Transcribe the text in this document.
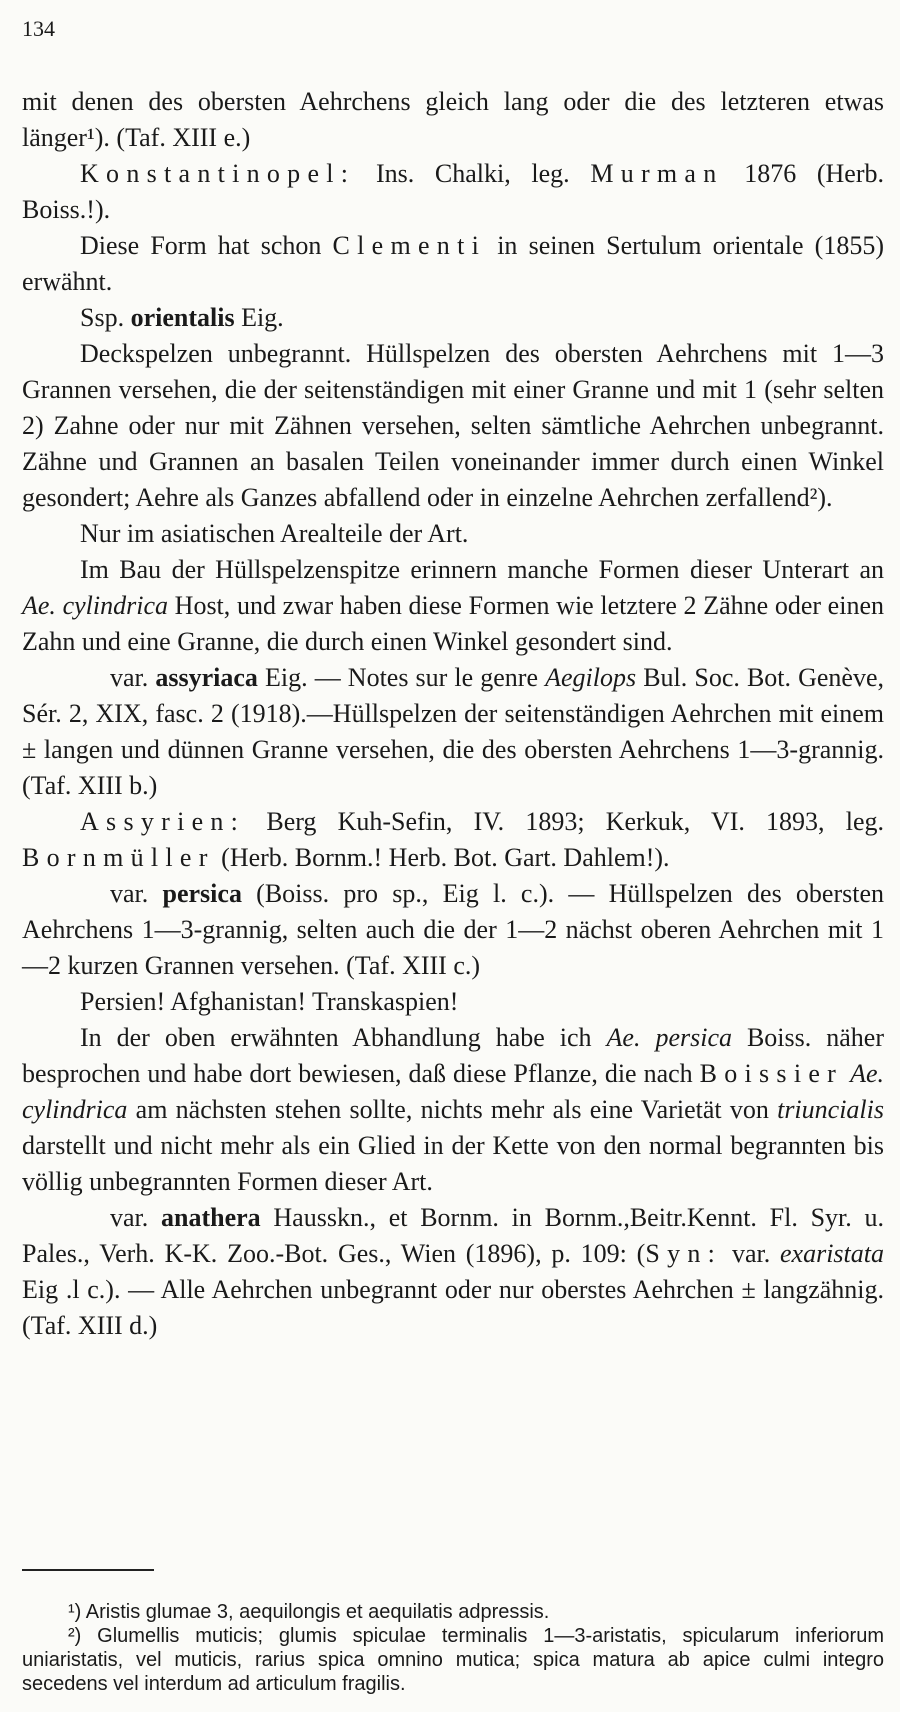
134

mit denen des obersten Aehrchens gleich lang oder die des letzteren etwas länger¹). (Taf. XIII e.)

Konstantinopel: Ins. Chalki, leg. Murman 1876 (Herb. Boiss.!).

Diese Form hat schon Clementi in seinen Sertulum orientale (1855) erwähnt.

Ssp. orientalis Eig.

Deckspelzen unbegrannt. Hüllspelzen des obersten Aehrchens mit 1—3 Grannen versehen, die der seitenständigen mit einer Granne und mit 1 (sehr selten 2) Zahne oder nur mit Zähnen versehen, selten sämtliche Aehrchen unbegrannt. Zähne und Grannen an basalen Teilen voneinander immer durch einen Winkel gesondert; Aehre als Ganzes abfallend oder in einzelne Aehrchen zerfallend²).

Nur im asiatischen Arealteile der Art.

Im Bau der Hüllspelzenspitze erinnern manche Formen dieser Unterart an Ae. cylindrica Host, und zwar haben diese Formen wie letztere 2 Zähne oder einen Zahn und eine Granne, die durch einen Winkel gesondert sind.

var. assyriaca Eig. — Notes sur le genre Aegilops Bul. Soc. Bot. Genève, Sér. 2, XIX, fasc. 2 (1918).—Hüllspelzen der seitenständigen Aehrchen mit einem ± langen und dünnen Granne versehen, die des obersten Aehrchens 1—3-grannig. (Taf. XIII b.)

Assyrien: Berg Kuh-Sefin, IV. 1893; Kerkuk, VI. 1893, leg. Bornmüller (Herb. Bornm.! Herb. Bot. Gart. Dahlem!).

var. persica (Boiss. pro sp., Eig l. c.). — Hüllspelzen des obersten Aehrchens 1—3-grannig, selten auch die der 1—2 nächst oberen Aehrchen mit 1—2 kurzen Grannen versehen. (Taf. XIII c.)

Persien! Afghanistan! Transkaspien!

In der oben erwähnten Abhandlung habe ich Ae. persica Boiss. näher besprochen und habe dort bewiesen, daß diese Pflanze, die nach Boissier Ae. cylindrica am nächsten stehen sollte, nichts mehr als eine Varietät von triuncialis darstellt und nicht mehr als ein Glied in der Kette von den normal begrannten bis völlig unbegrannten Formen dieser Art.

var. anathera Hausskn., et Bornm. in Bornm.,Beitr.Kennt. Fl. Syr. u. Pales., Verh. K-K. Zoo.-Bot. Ges., Wien (1896), p. 109: (Syn: var. exaristata Eig .l c.). — Alle Aehrchen unbegrannt oder nur oberstes Aehrchen ± langzähnig. (Taf. XIII d.)

¹) Aristis glumae 3, aequilongis et aequilatis adpressis.

²) Glumellis muticis; glumis spiculae terminalis 1—3-aristatis, spicularum inferiorum uniaristatis, vel muticis, rarius spica omnino mutica; spica matura ab apice culmi integro secedens vel interdum ad articulum fragilis.
